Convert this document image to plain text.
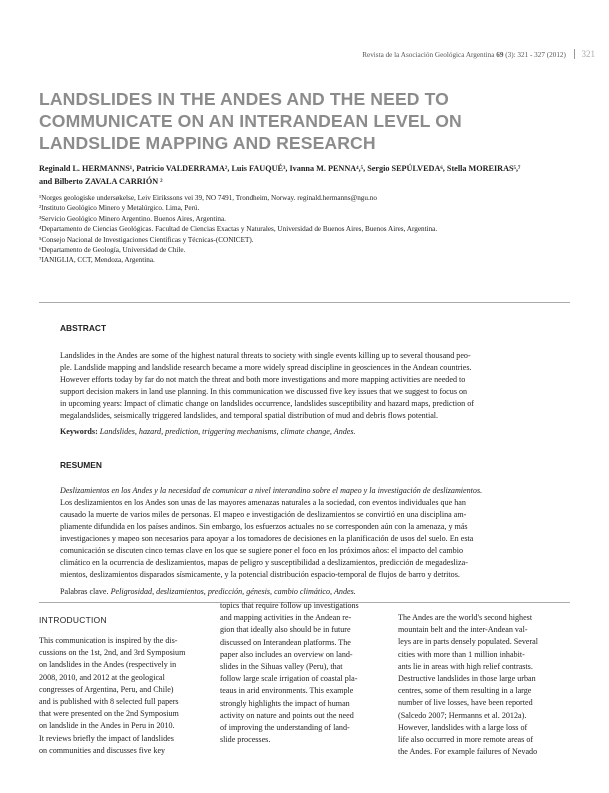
Revista de la Asociación Geológica Argentina 69 (3): 321 - 327 (2012) 321
LANDSLIDES IN THE ANDES AND THE NEED TO
COMMUNICATE ON AN INTERANDEAN LEVEL ON
LANDSLIDE MAPPING AND RESEARCH
Reginald L. HERMANNS¹, Patricio VALDERRAMA², Luis FAUQUÉ³, Ivanna M. PENNA⁴,⁵, Sergio SEPÚLVEDA⁶, Stella MOREIRAS⁵,⁷
and Bilberto ZAVALA CARRIÓN ²
¹Norges geologiske undersøkelse, Leiv Eirikssons vei 39, NO 7491, Trondheim, Norway. reginald.hermanns@ngu.no
²Instituto Geológico Minero y Metalúrgico. Lima, Perú.
³Servicio Geológico Minero Argentino. Buenos Aires, Argentina.
⁴Departamento de Ciencias Geológicas. Facultad de Ciencias Exactas y Naturales, Universidad de Buenos Aires, Buenos Aires, Argentina.
⁵Consejo Nacional de Investigaciones Científicas y Técnicas-(CONICET).
⁶Departamento de Geología, Universidad de Chile.
⁷IANIGLIA, CCT, Mendoza, Argentina.
ABSTRACT
Landslides in the Andes are some of the highest natural threats to society with single events killing up to several thousand peo-
ple. Landslide mapping and landslide research became a more widely spread discipline in geosciences in the Andean countries.
However efforts today by far do not match the threat and both more investigations and more mapping activities are needed to
support decision makers in land use planning. In this communication we discussed five key issues that we suggest to focus on
in upcoming years: Impact of climatic change on landslides occurrence, landslides susceptibility and hazard maps, prediction of
megalandslides, seismically triggered landslides, and temporal spatial distribution of mud and debris flows potential.
Keywords: Landslides, hazard, prediction, triggering mechanisms, climate change, Andes.
RESUMEN
Deslizamientos en los Andes y la necesidad de comunicar a nivel interandino sobre el mapeo y la investigación de deslizamientos.
Los deslizamientos en los Andes son unas de las mayores amenazas naturales a la sociedad, con eventos individuales que han
causado la muerte de varios miles de personas. El mapeo e investigación de deslizamientos se convirtió en una disciplina am-
pliamente difundida en los países andinos. Sin embargo, los esfuerzos actuales no se corresponden aún con la amenaza, y más
investigaciones y mapeo son necesarios para apoyar a los tomadores de decisiones en la planificación de usos del suelo. En esta
comunicación se discuten cinco temas clave en los que se sugiere poner el foco en los próximos años: el impacto del cambio
climático en la ocurrencia de deslizamientos, mapas de peligro y susceptibilidad a deslizamientos, predicción de megadesliza-
mientos, deslizamientos disparados sísmicamente, y la potencial distribución espacio-temporal de flujos de barro y detritos.
Palabras clave. Peligrosidad, deslizamientos, predicción, génesis, cambio climático, Andes.
INTRODUCTION
This communication is inspired by the dis-
cussions on the 1st, 2nd, and 3rd Symposium
on landslides in the Andes (respectively in
2008, 2010, and 2012 at the geological
congresses of Argentina, Peru, and Chile)
and is published with 8 selected full papers
that were presented on the 2nd Symposium
on landslide in the Andes in Peru in 2010.
It reviews briefly the impact of landslides
on communities and discusses five key
topics that require follow up investigations
and mapping activities in the Andean re-
gion that ideally also should be in future
discussed on Interandean platforms. The
paper also includes an overview on land-
slides in the Sihuas valley (Peru), that
follow large scale irrigation of coastal pla-
teaus in arid environments. This example
strongly highlights the impact of human
activity on nature and points out the need
of improving the understanding of land-
slide processes.
The Andes are the world's second highest
mountain belt and the inter-Andean val-
leys are in parts densely populated. Several
cities with more than 1 million inhabit-
ants lie in areas with high relief contrasts.
Destructive landslides in those large urban
centres, some of them resulting in a large
number of live losses, have been reported
(Salcedo 2007; Hermanns et al. 2012a).
However, landslides with a large loss of
life also occurred in more remote areas of
the Andes. For example failures of Nevado
